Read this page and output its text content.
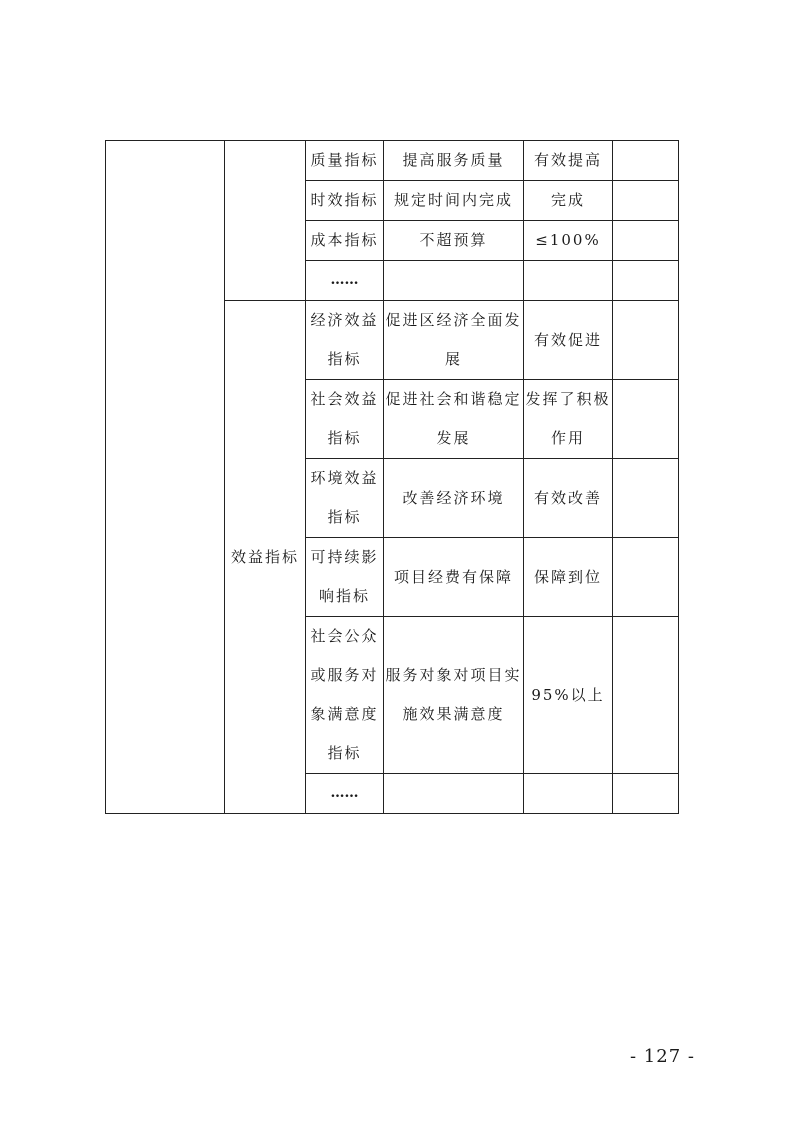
		质量指标	提高服务质量	有效提高	
		时效指标	规定时间内完成	完成	
		成本指标	不超预算	≤100%	
		……			
	效益指标	经济效益指标	促进区经济全面发展	有效促进	
		社会效益指标	促进社会和谐稳定发展	发挥了积极作用	
		环境效益指标	改善经济环境	有效改善	
		可持续影响指标	项目经费有保障	保障到位	
		社会公众或服务对象满意度指标	服务对象对项目实施效果满意度	95%以上	
		……			
- 127 -
